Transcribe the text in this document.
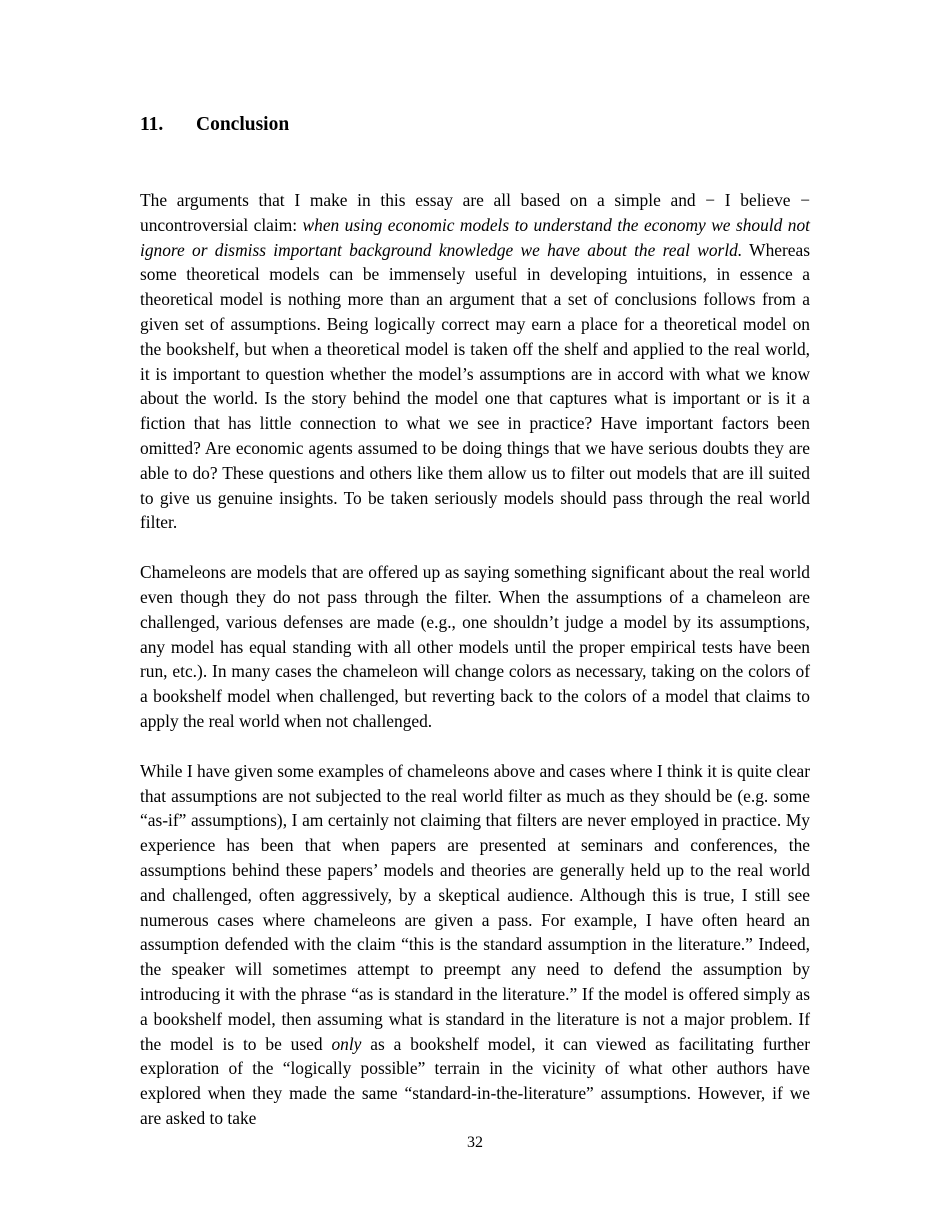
11.	Conclusion

The arguments that I make in this essay are all based on a simple and − I believe − uncontroversial claim: when using economic models to understand the economy we should not ignore or dismiss important background knowledge we have about the real world. Whereas some theoretical models can be immensely useful in developing intuitions, in essence a theoretical model is nothing more than an argument that a set of conclusions follows from a given set of assumptions. Being logically correct may earn a place for a theoretical model on the bookshelf, but when a theoretical model is taken off the shelf and applied to the real world, it is important to question whether the model’s assumptions are in accord with what we know about the world. Is the story behind the model one that captures what is important or is it a fiction that has little connection to what we see in practice? Have important factors been omitted? Are economic agents assumed to be doing things that we have serious doubts they are able to do? These questions and others like them allow us to filter out models that are ill suited to give us genuine insights. To be taken seriously models should pass through the real world filter.

Chameleons are models that are offered up as saying something significant about the real world even though they do not pass through the filter. When the assumptions of a chameleon are challenged, various defenses are made (e.g., one shouldn’t judge a model by its assumptions, any model has equal standing with all other models until the proper empirical tests have been run, etc.). In many cases the chameleon will change colors as necessary, taking on the colors of a bookshelf model when challenged, but reverting back to the colors of a model that claims to apply the real world when not challenged.

While I have given some examples of chameleons above and cases where I think it is quite clear that assumptions are not subjected to the real world filter as much as they should be (e.g. some “as-if” assumptions), I am certainly not claiming that filters are never employed in practice. My experience has been that when papers are presented at seminars and conferences, the assumptions behind these papers’ models and theories are generally held up to the real world and challenged, often aggressively, by a skeptical audience. Although this is true, I still see numerous cases where chameleons are given a pass. For example, I have often heard an assumption defended with the claim “this is the standard assumption in the literature.” Indeed, the speaker will sometimes attempt to preempt any need to defend the assumption by introducing it with the phrase “as is standard in the literature.” If the model is offered simply as a bookshelf model, then assuming what is standard in the literature is not a major problem. If the model is to be used only as a bookshelf model, it can viewed as facilitating further exploration of the “logically possible” terrain in the vicinity of what other authors have explored when they made the same “standard-in-the-literature” assumptions. However, if we are asked to take

32
